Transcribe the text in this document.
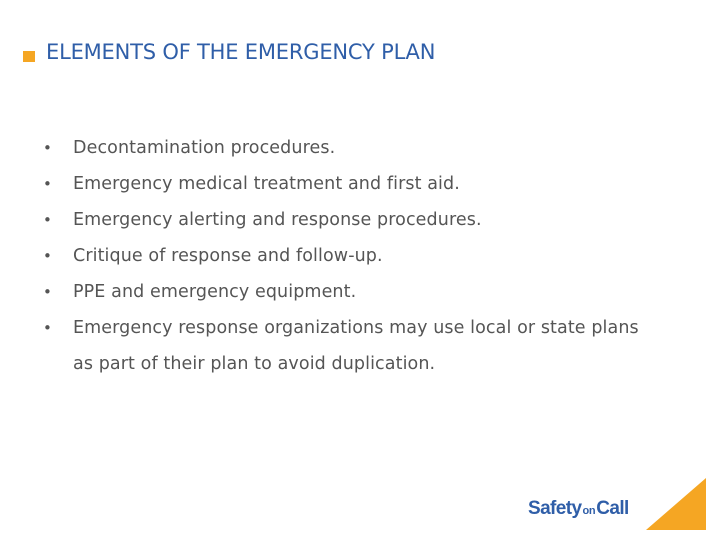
ELEMENTS OF THE EMERGENCY PLAN
• Decontamination procedures.
• Emergency medical treatment and first aid.
• Emergency alerting and response procedures.
• Critique of response and follow-up.
• PPE and emergency equipment.
• Emergency response organizations may use local or state plans as part of their plan to avoid duplication.
SafetyonCall
